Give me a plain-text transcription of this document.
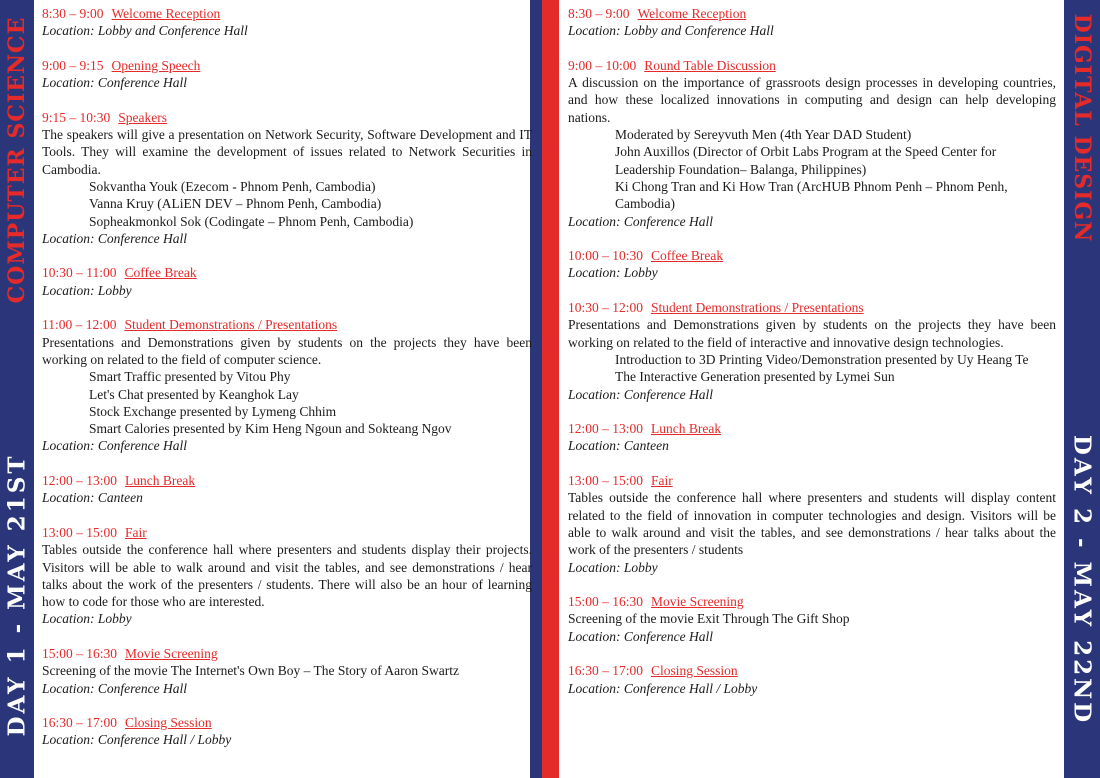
COMPUTER SCIENCE
DAY 1 - MAY 21ST
DIGITAL DESIGN
DAY 2 - MAY 22ND
8:30 – 9:00 Welcome Reception
Location: Lobby and Conference Hall
9:00 – 9:15 Opening Speech
Location: Conference Hall
9:15 – 10:30 Speakers
The speakers will give a presentation on Network Security, Software Development and IT Tools. They will examine the development of issues related to Network Securities in Cambodia.
Sokvantha Youk (Ezecom - Phnom Penh, Cambodia)
Vanna Kruy (ALiEN DEV – Phnom Penh, Cambodia)
Sopheakmonkol Sok (Codingate – Phnom Penh, Cambodia)
Location: Conference Hall
10:30 – 11:00 Coffee Break
Location: Lobby
11:00 – 12:00 Student Demonstrations / Presentations
Presentations and Demonstrations given by students on the projects they have been working on related to the field of computer science.
Smart Traffic presented by Vitou Phy
Let's Chat presented by Keanghok Lay
Stock Exchange presented by Lymeng Chhim
Smart Calories presented by Kim Heng Ngoun and Sokteang Ngov
Location: Conference Hall
12:00 – 13:00 Lunch Break
Location: Canteen
13:00 – 15:00 Fair
Tables outside the conference hall where presenters and students display their projects. Visitors will be able to walk around and visit the tables, and see demonstrations / hear talks about the work of the presenters / students. There will also be an hour of learning how to code for those who are interested.
Location: Lobby
15:00 – 16:30 Movie Screening
Screening of the movie The Internet's Own Boy – The Story of Aaron Swartz
Location: Conference Hall
16:30 – 17:00 Closing Session
Location: Conference Hall / Lobby
8:30 – 9:00 Welcome Reception
Location: Lobby and Conference Hall
9:00 – 10:00 Round Table Discussion
A discussion on the importance of grassroots design processes in developing countries, and how these localized innovations in computing and design can help developing nations.
Moderated by Sereyvuth Men (4th Year DAD Student)
John Auxillos (Director of Orbit Labs Program at the Speed Center for Leadership Foundation– Balanga, Philippines)
Ki Chong Tran and Ki How Tran (ArcHUB Phnom Penh – Phnom Penh, Cambodia)
Location: Conference Hall
10:00 – 10:30 Coffee Break
Location: Lobby
10:30 – 12:00 Student Demonstrations / Presentations
Presentations and Demonstrations given by students on the projects they have been working on related to the field of interactive and innovative design technologies.
Introduction to 3D Printing Video/Demonstration presented by Uy Heang Te
The Interactive Generation presented by Lymei Sun
Location: Conference Hall
12:00 – 13:00 Lunch Break
Location: Canteen
13:00 – 15:00 Fair
Tables outside the conference hall where presenters and students will display content related to the field of innovation in computer technologies and design. Visitors will be able to walk around and visit the tables, and see demonstrations / hear talks about the work of the presenters / students
Location: Lobby
15:00 – 16:30 Movie Screening
Screening of the movie Exit Through The Gift Shop
Location: Conference Hall
16:30 – 17:00 Closing Session
Location: Conference Hall / Lobby
